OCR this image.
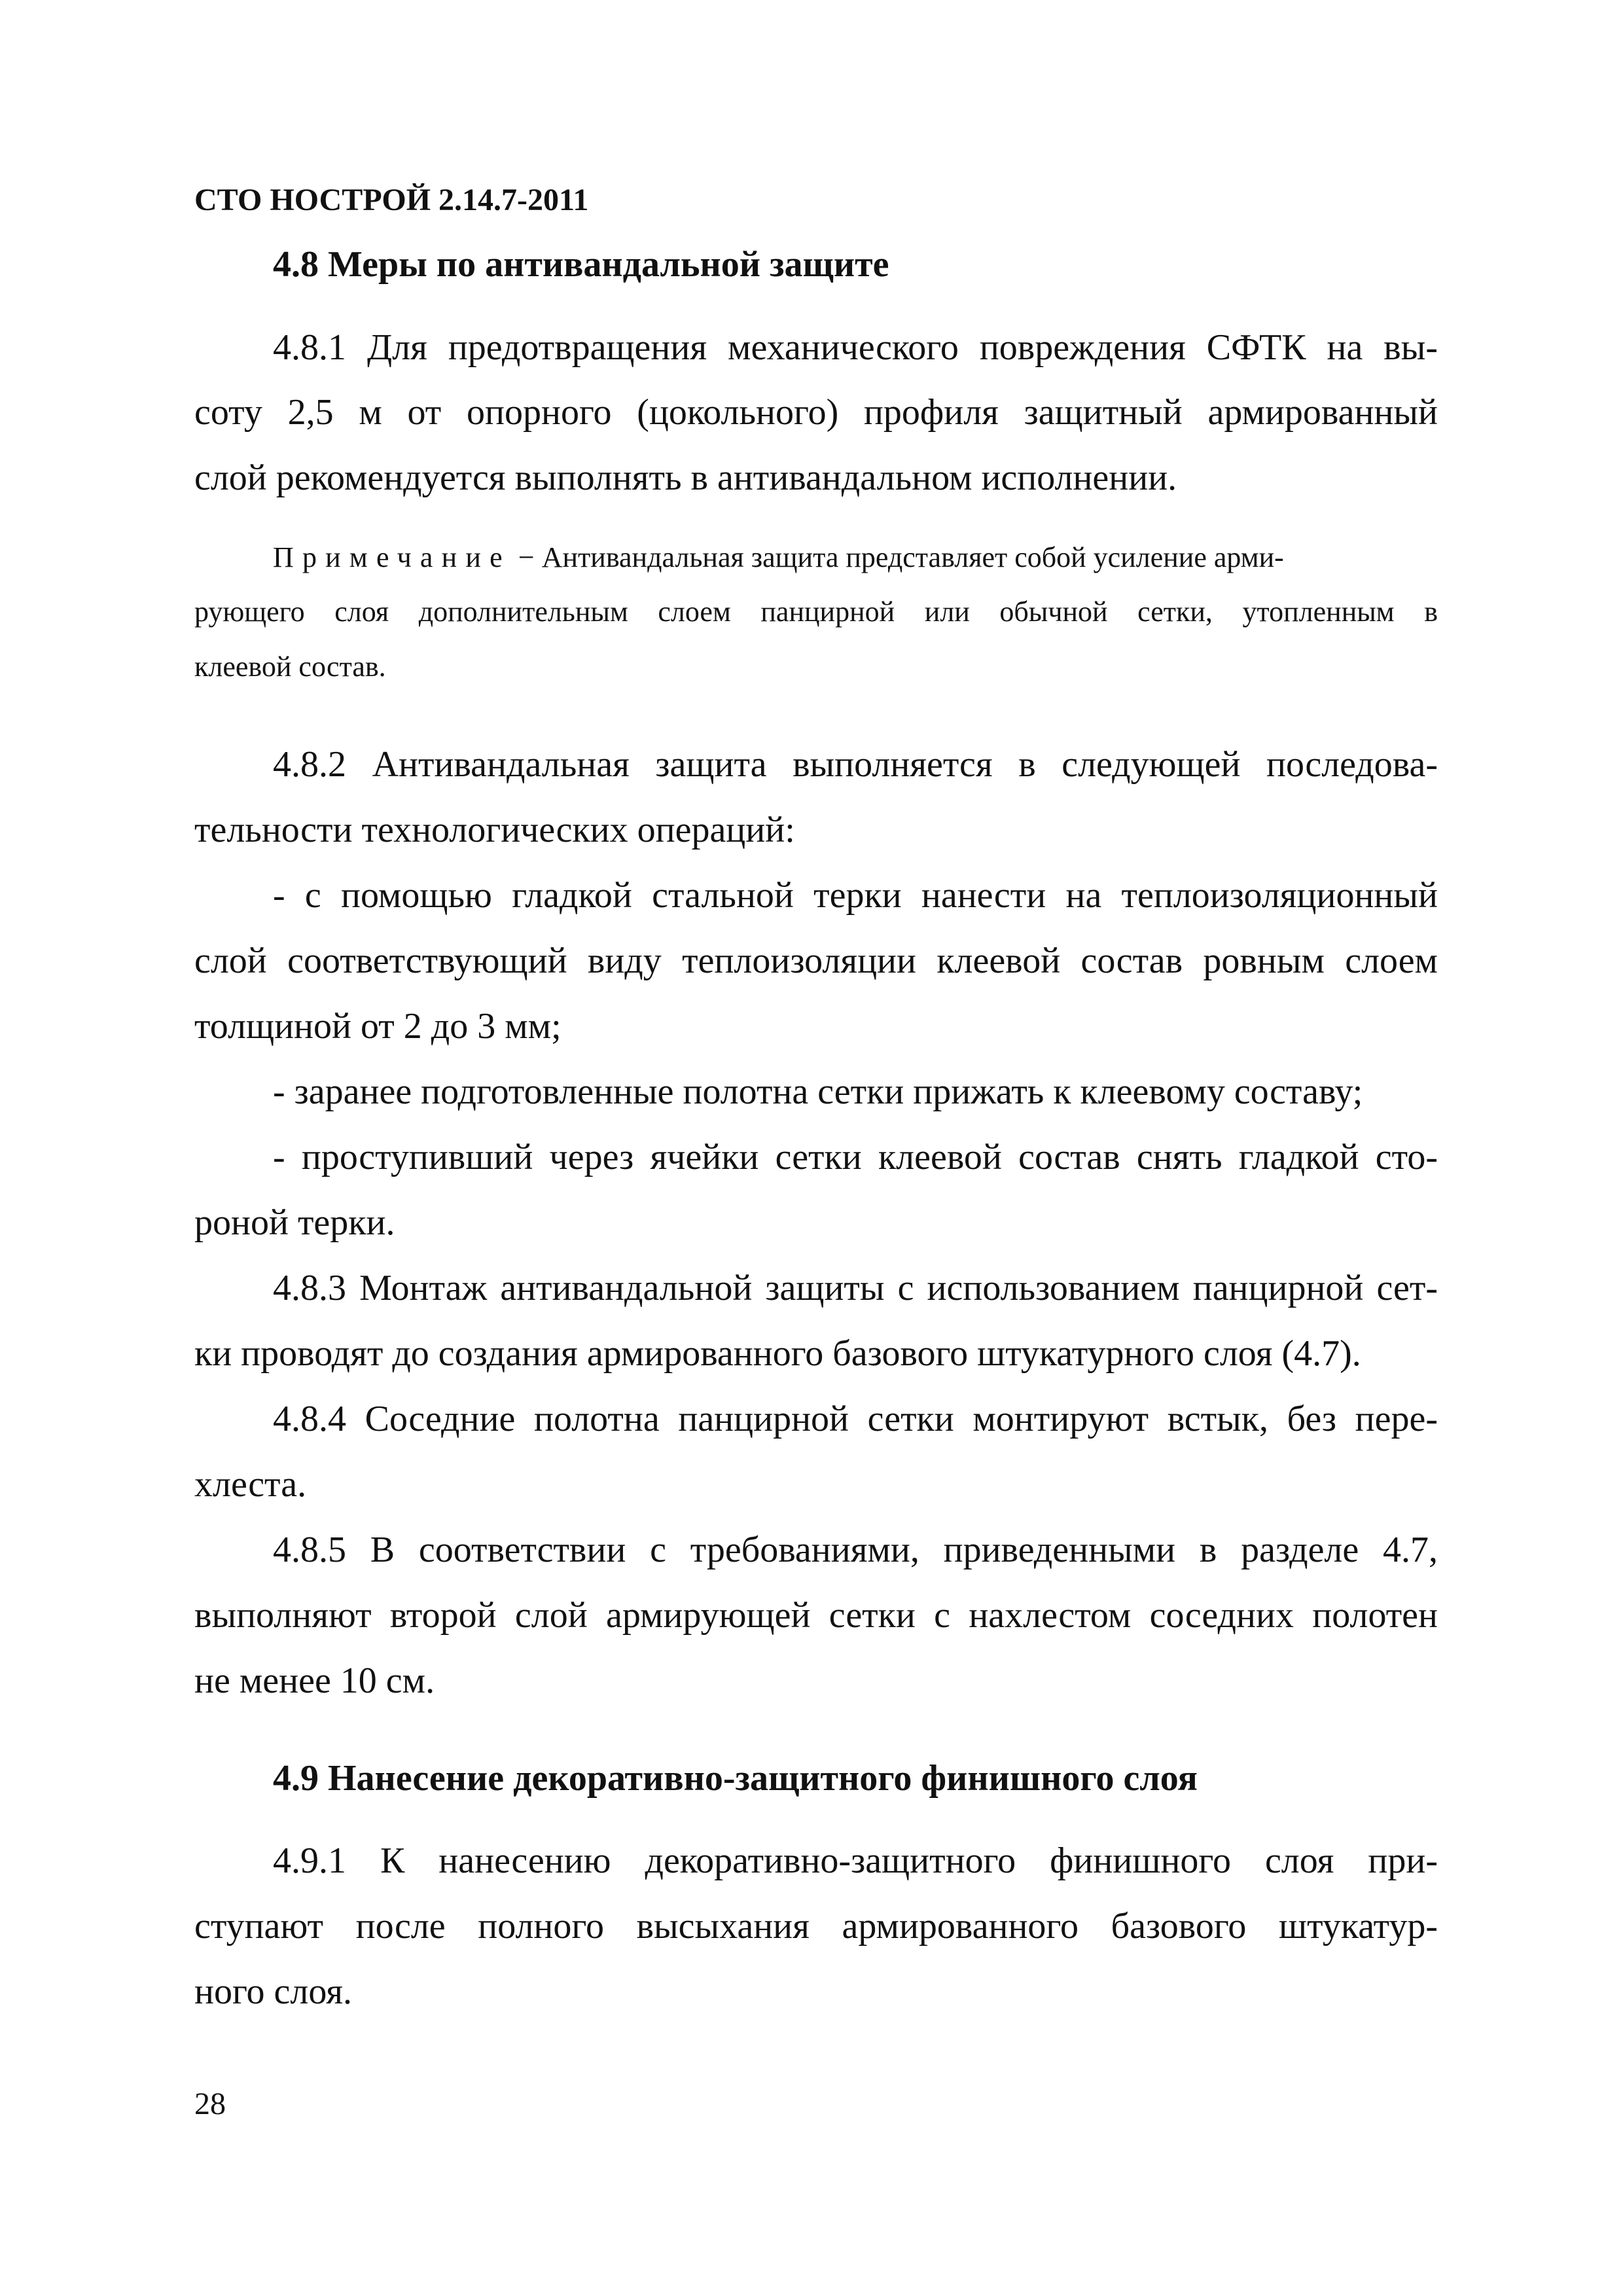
СТО НОСТРОЙ 2.14.7-2011
4.8 Меры по антивандальной защите
4.8.1 Для предотвращения механического повреждения СФТК на вы-
соту 2,5 м от опорного (цокольного) профиля защитный армированный
слой рекомендуется выполнять в антивандальном исполнении.
Примечание − Антивандальная защита представляет собой усиление арми-
рующего слоя дополнительным слоем панцирной или обычной сетки, утопленным в
клеевой состав.
4.8.2 Антивандальная защита выполняется в следующей последова-
тельности технологических операций:
- с помощью гладкой стальной терки нанести на теплоизоляционный
слой соответствующий виду теплоизоляции клеевой состав ровным слоем
толщиной от 2 до 3 мм;
- заранее подготовленные полотна сетки прижать к клеевому составу;
- проступивший через ячейки сетки клеевой состав снять гладкой сто-
роной терки.
4.8.3 Монтаж антивандальной защиты с использованием панцирной сет-
ки проводят до создания армированного базового штукатурного слоя (4.7).
4.8.4 Соседние полотна панцирной сетки монтируют встык, без пере-
хлеста.
4.8.5 В соответствии с требованиями, приведенными в разделе 4.7,
выполняют второй слой армирующей сетки с нахлестом соседних полотен
не менее 10 см.
4.9 Нанесение декоративно-защитного финишного слоя
4.9.1 К нанесению декоративно-защитного финишного слоя при-
ступают после полного высыхания армированного базового штукатур-
ного слоя.
28
